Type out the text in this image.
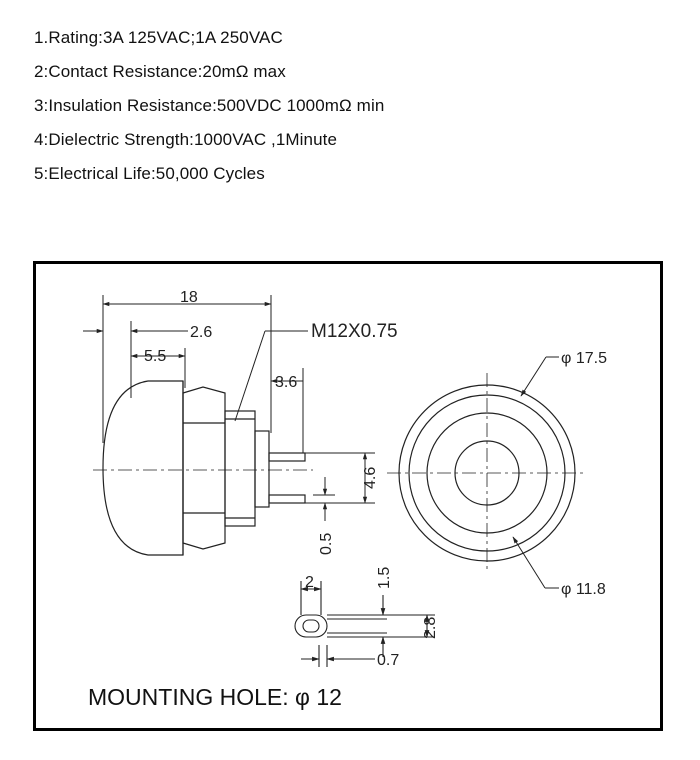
1.Rating:3A 125VAC;1A 250VAC
2:Contact Resistance:20mΩ max
3:Insulation Resistance:500VDC 1000mΩ min
4:Dielectric Strength:1000VAC ,1Minute
5:Electrical Life:50,000 Cycles
18
2.6
5.5
3.6
M12X0.75
4.6
0.5
φ 17.5
φ 11.8
2	1.5
2.8
0.7
MOUNTING HOLE: φ 12
